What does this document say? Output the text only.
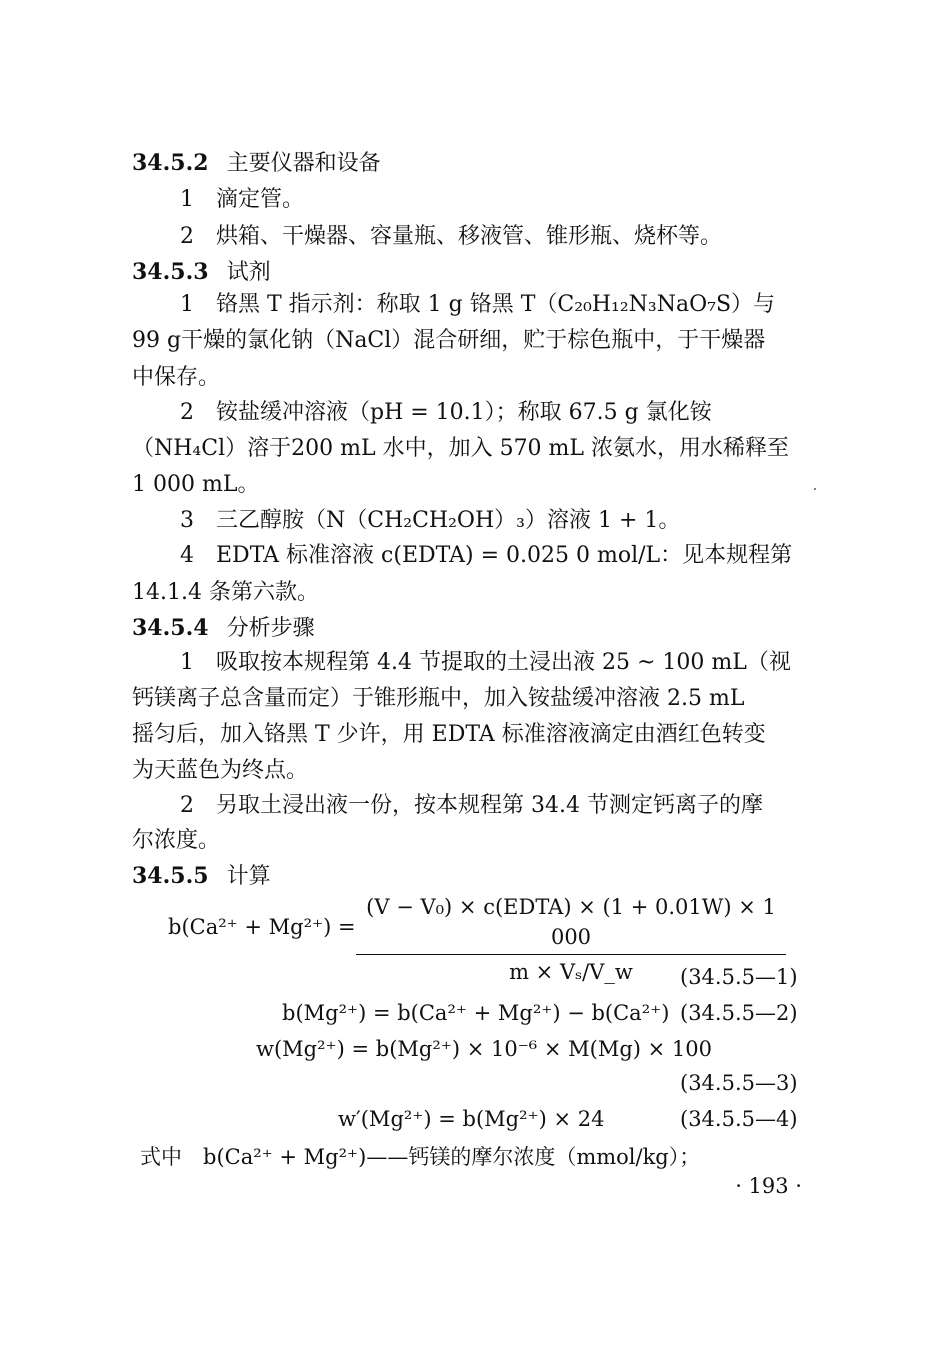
34.5.2 主要仪器和设备
1　滴定管。
2　烘箱、干燥器、容量瓶、移液管、锥形瓶、烧杯等。
34.5.3 试剂
1　铬黑 T 指示剂：称取 1 g 铬黑 T（C₂₀H₁₂N₃NaO₇S）与
99 g干燥的氯化钠（NaCl）混合研细，贮于棕色瓶中，于干燥器
中保存。
2　铵盐缓冲溶液（pH = 10.1）；称取 67.5 g 氯化铵
（NH₄Cl）溶于200 mL 水中，加入 570 mL 浓氨水，用水稀释至
1 000 mL。
3　三乙醇胺（N（CH₂CH₂OH）₃）溶液 1 + 1。
4　EDTA 标准溶液 c(EDTA) = 0.025 0 mol/L：见本规程第
14.1.4 条第六款。
34.5.4 分析步骤
1　吸取按本规程第 4.4 节提取的土浸出液 25 ~ 100 mL（视
钙镁离子总含量而定）于锥形瓶中，加入铵盐缓冲溶液 2.5 mL
摇匀后，加入铬黑 T 少许，用 EDTA 标准溶液滴定由酒红色转变
为天蓝色为终点。
2　另取土浸出液一份，按本规程第 34.4 节测定钙离子的摩
尔浓度。
34.5.5 计算
b(Ca²⁺ + Mg²⁺) =
(V − V₀) × c(EDTA) × (1 + 0.01W) × 1 000
m × Vₛ/V_w	(34.5.5—1)
b(Mg²⁺) = b(Ca²⁺ + Mg²⁺) − b(Ca²⁺) (34.5.5—2)
w(Mg²⁺) = b(Mg²⁺) × 10⁻⁶ × M(Mg) × 100
(34.5.5—3)
w′(Mg²⁺) = b(Mg²⁺) × 24	(34.5.5—4)
式中　b(Ca²⁺ + Mg²⁺)——钙镁的摩尔浓度（mmol/kg）；
· 193 ·
